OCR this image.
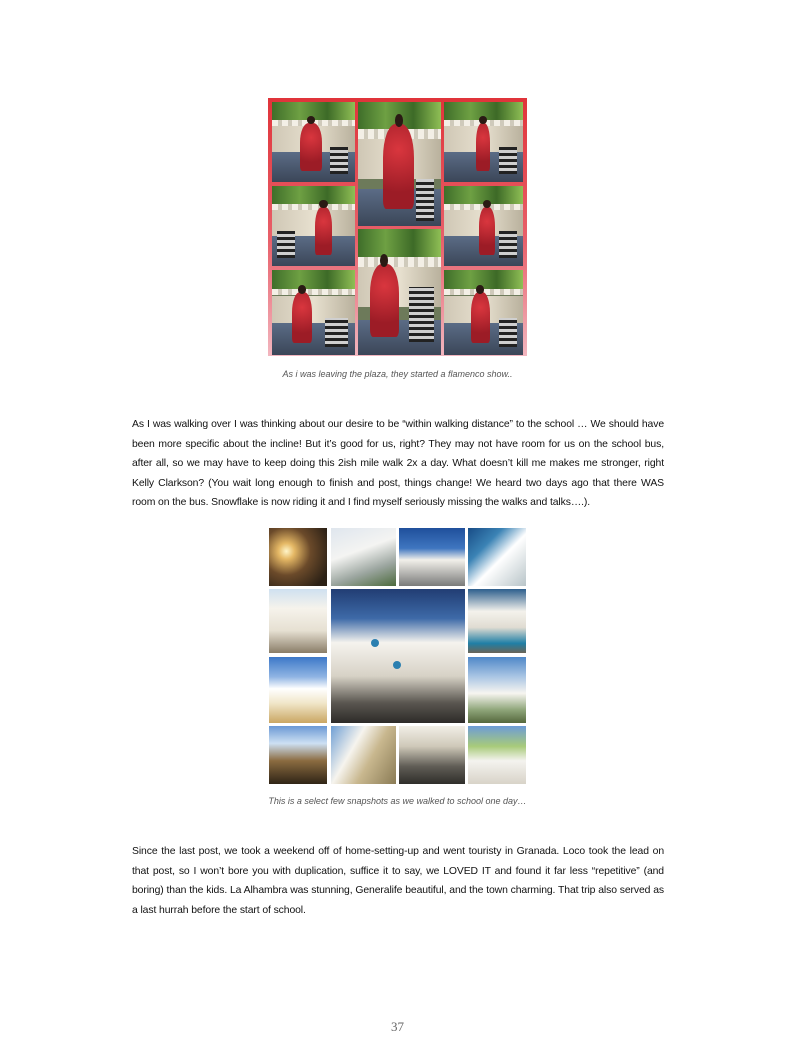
As i was leaving the plaza, they started a flamenco show..

As I was walking over I was thinking about our desire to be “within walking distance” to the school … We should have been more specific about the incline! But it’s good for us, right? They may not have room for us on the school bus, after all, so we may have to keep doing this 2ish mile walk 2x a day. What doesn’t kill me makes me stronger, right Kelly Clarkson? (You wait long enough to finish and post, things change! We heard two days ago that there WAS room on the bus. Snowflake is now riding it and I find myself seriously missing the walks and talks….).

This is a select few snapshots as we walked to school one day…

Since the last post, we took a weekend off of home-setting-up and went touristy in Granada. Loco took the lead on that post, so I won’t bore you with duplication, suffice it to say, we LOVED IT and found it far less “repetitive” (and boring) than the kids. La Alhambra was stunning, Generalife beautiful, and the town charming. That trip also served as a last hurrah before the start of school.

37
